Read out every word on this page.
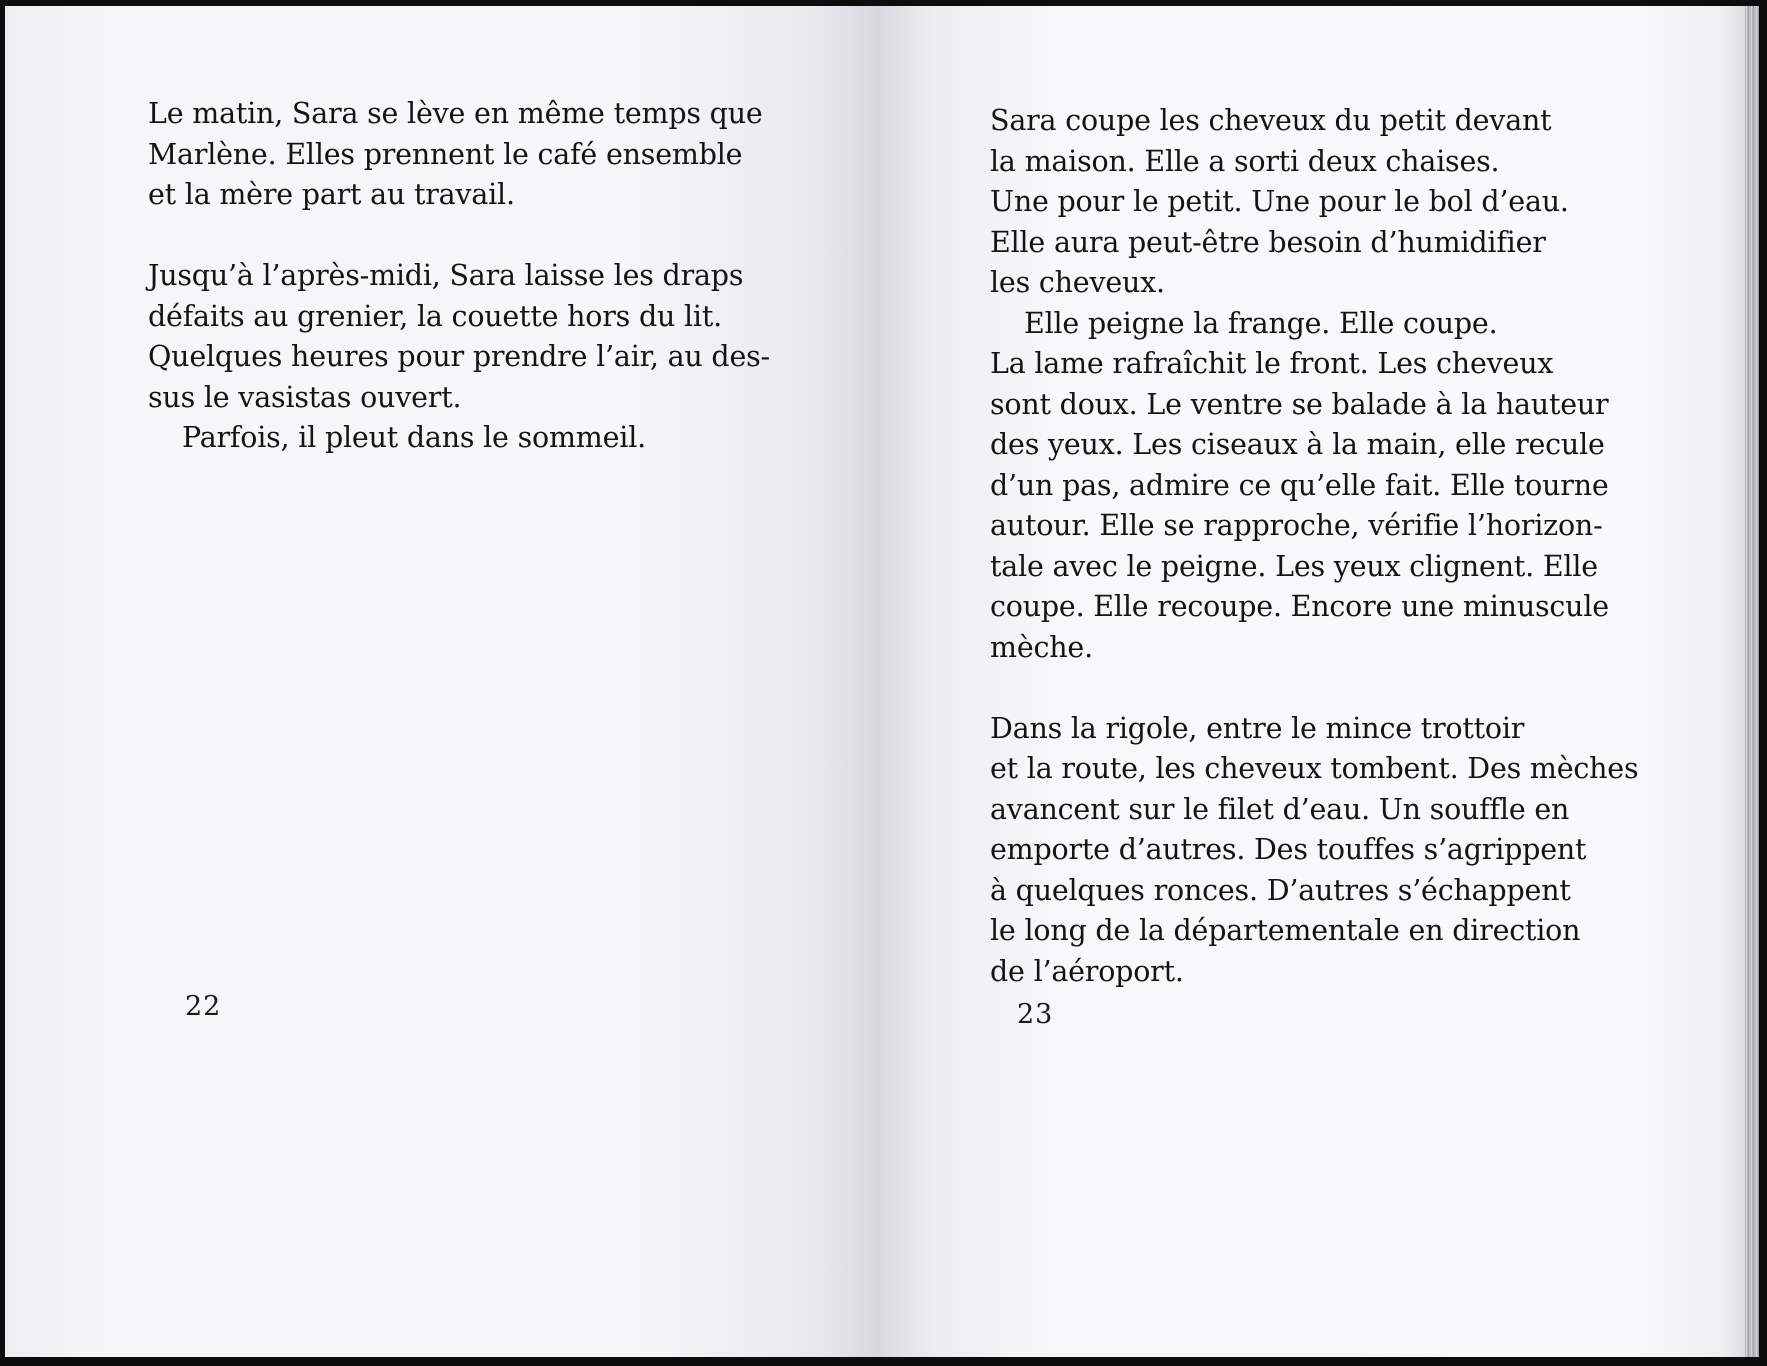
Le matin, Sara se lève en même temps que
Marlène. Elles prennent le café ensemble
et la mère part au travail.

Jusqu’à l’après-midi, Sara laisse les draps
défaits au grenier, la couette hors du lit.
Quelques heures pour prendre l’air, au des-
sus le vasistas ouvert.

Parfois, il pleut dans le sommeil.

22

Sara coupe les cheveux du petit devant
la maison. Elle a sorti deux chaises.
Une pour le petit. Une pour le bol d’eau.
Elle aura peut-être besoin d’humidifier
les cheveux.

Elle peigne la frange. Elle coupe.

La lame rafraîchit le front. Les cheveux
sont doux. Le ventre se balade à la hauteur
des yeux. Les ciseaux à la main, elle recule
d’un pas, admire ce qu’elle fait. Elle tourne
autour. Elle se rapproche, vérifie l’horizon-
tale avec le peigne. Les yeux clignent. Elle
coupe. Elle recoupe. Encore une minuscule
mèche.

Dans la rigole, entre le mince trottoir
et la route, les cheveux tombent. Des mèches
avancent sur le filet d’eau. Un souffle en
emporte d’autres. Des touffes s’agrippent
à quelques ronces. D’autres s’échappent
le long de la départementale en direction
de l’aéroport.

23
